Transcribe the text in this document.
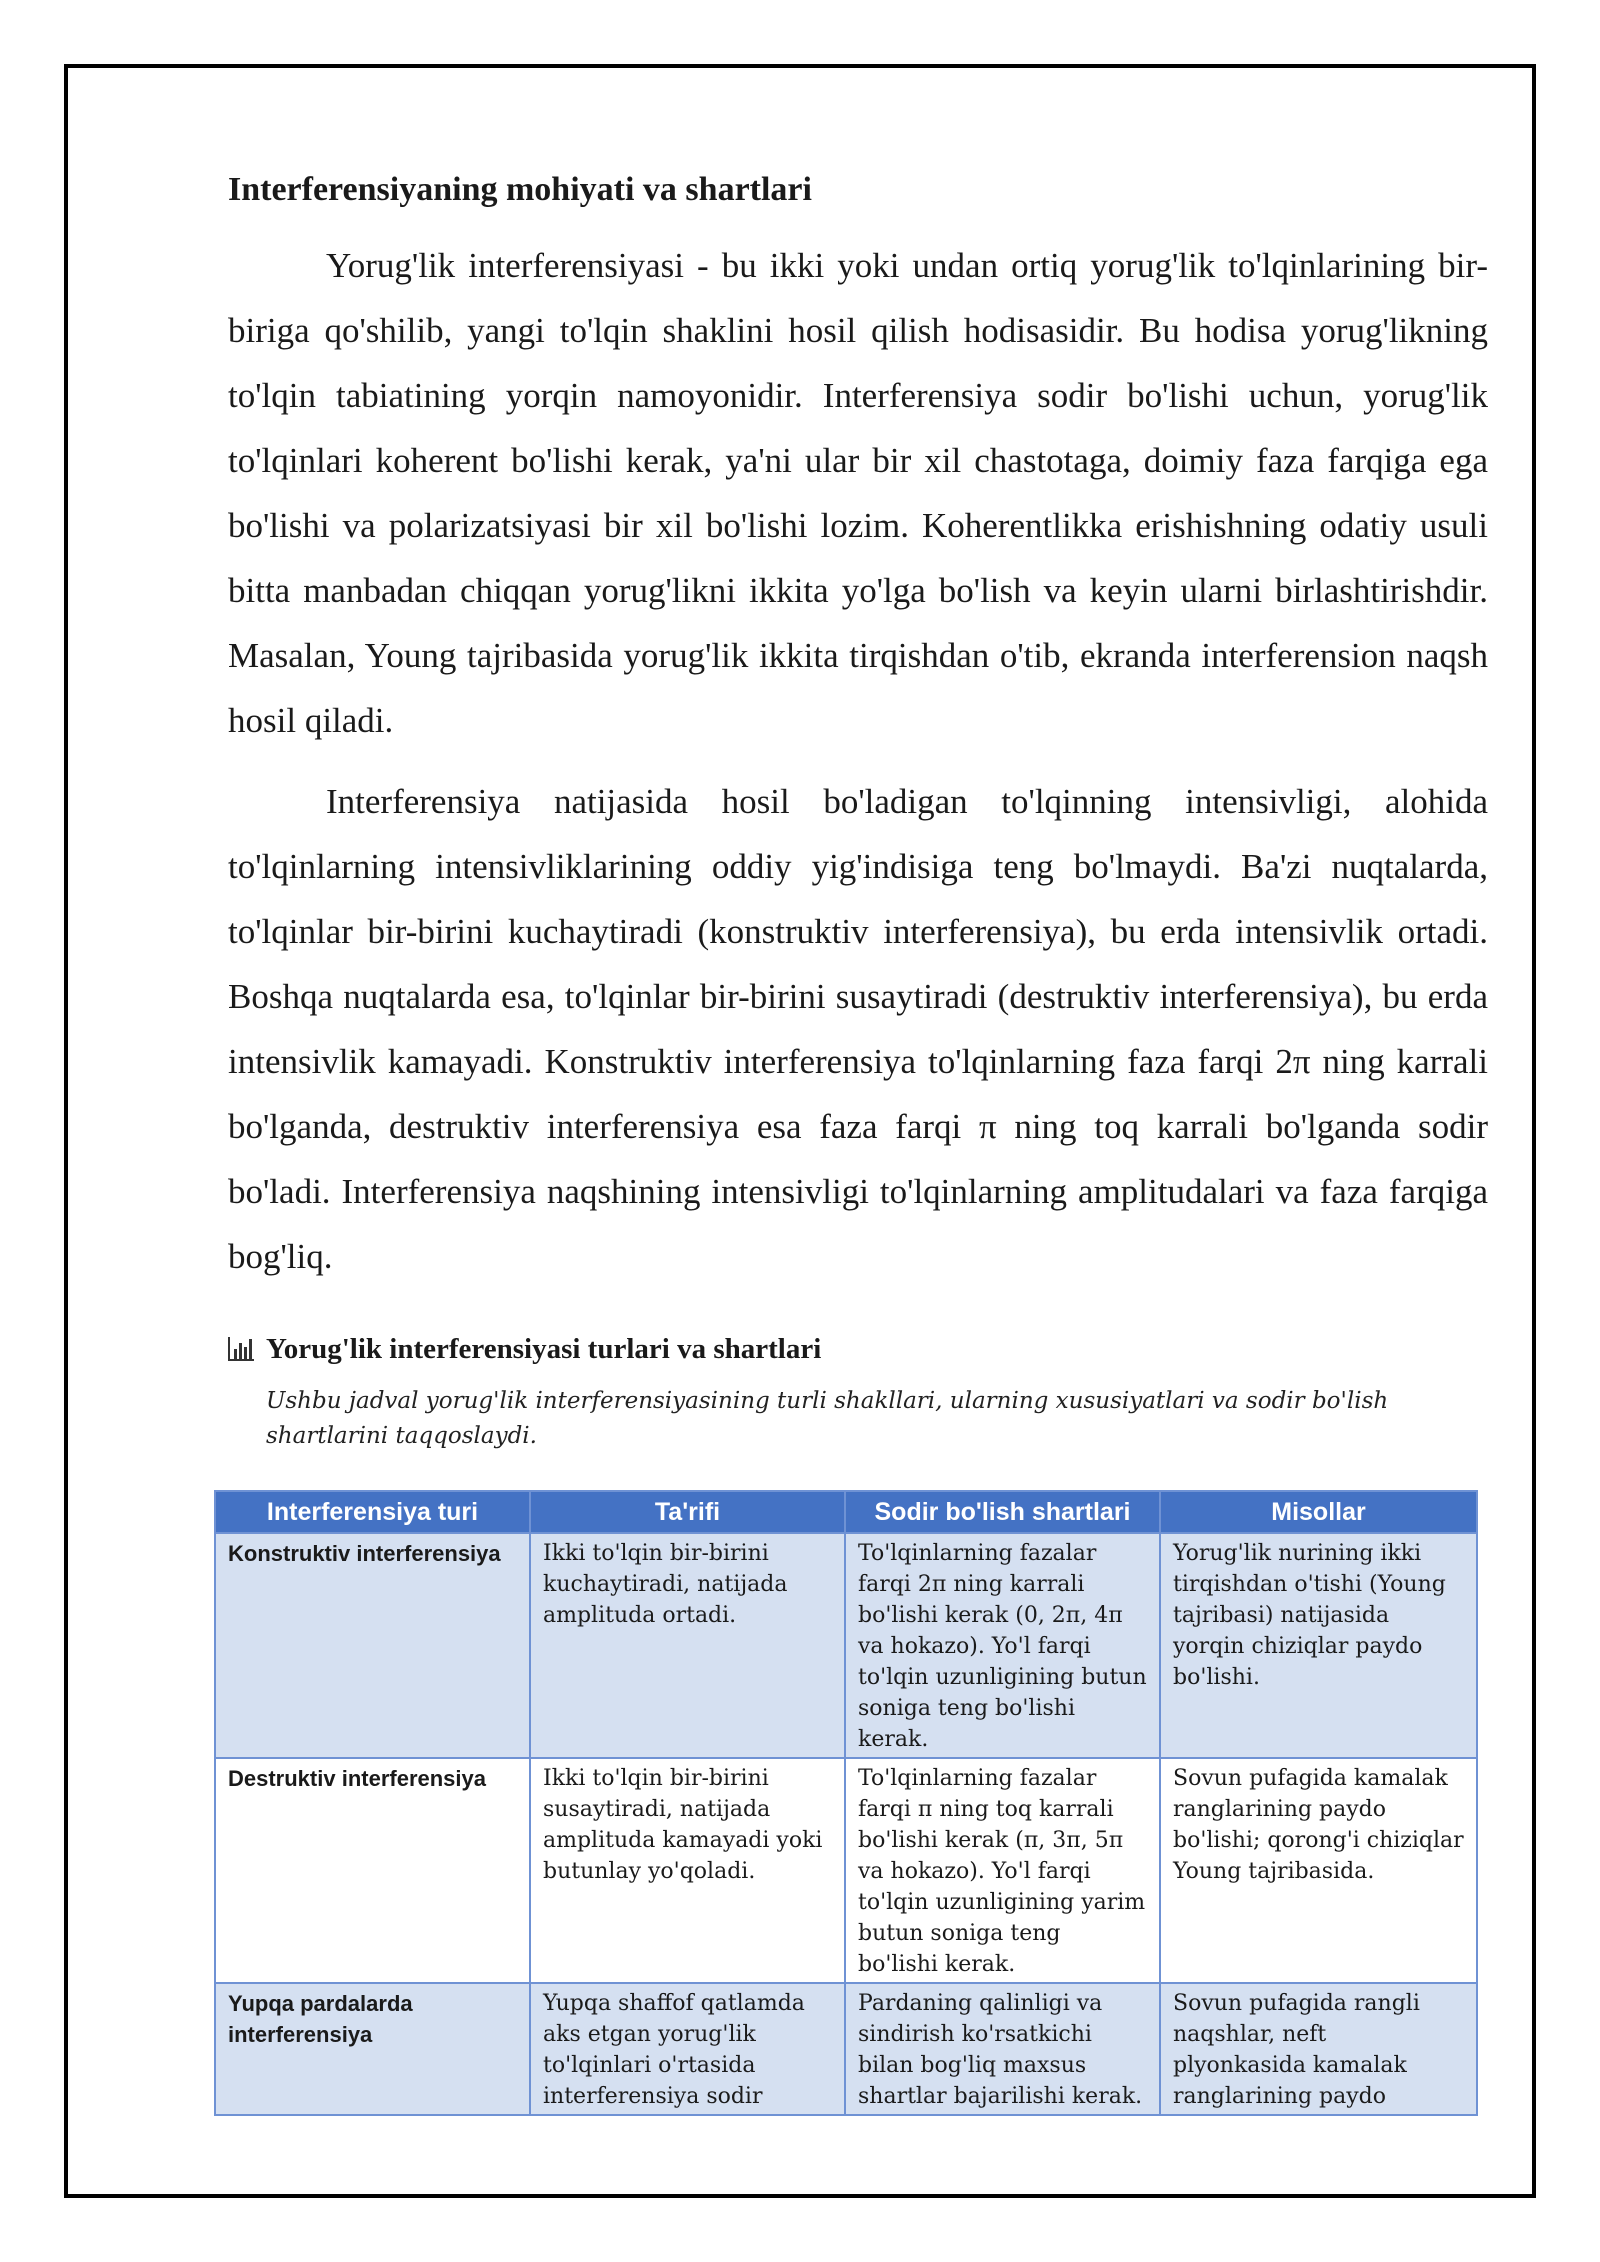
Interferensiyaning mohiyati va shartlari

Yorug'lik interferensiyasi - bu ikki yoki undan ortiq yorug'lik to'lqinlarining bir-biriga qo'shilib, yangi to'lqin shaklini hosil qilish hodisasidir. Bu hodisa yorug'likning to'lqin tabiatining yorqin namoyonidir. Interferensiya sodir bo'lishi uchun, yorug'lik to'lqinlari koherent bo'lishi kerak, ya'ni ular bir xil chastotaga, doimiy faza farqiga ega bo'lishi va polarizatsiyasi bir xil bo'lishi lozim. Koherentlikka erishishning odatiy usuli bitta manbadan chiqqan yorug'likni ikkita yo'lga bo'lish va keyin ularni birlashtirishdir. Masalan, Young tajribasida yorug'lik ikkita tirqishdan o'tib, ekranda interferension naqsh hosil qiladi.

Interferensiya natijasida hosil bo'ladigan to'lqinning intensivligi, alohida to'lqinlarning intensivliklarining oddiy yig'indisiga teng bo'lmaydi. Ba'zi nuqtalarda, to'lqinlar bir-birini kuchaytiradi (konstruktiv interferensiya), bu erda intensivlik ortadi. Boshqa nuqtalarda esa, to'lqinlar bir-birini susaytiradi (destruktiv interferensiya), bu erda intensivlik kamayadi. Konstruktiv interferensiya to'lqinlarning faza farqi 2π ning karrali bo'lganda, destruktiv interferensiya esa faza farqi π ning toq karrali bo'lganda sodir bo'ladi. Interferensiya naqshining intensivligi to'lqinlarning amplitudalari va faza farqiga bog'liq.

Yorug'lik interferensiyasi turlari va shartlari
Ushbu jadval yorug'lik interferensiyasining turli shakllari, ularning xususiyatlari va sodir bo'lish shartlarini taqqoslaydi.
Interferensiya turi	Ta'rifi	Sodir bo'lish shartlari	Misollar
Konstruktiv interferensiya	Ikki to'lqin bir-birini kuchaytiradi, natijada amplituda ortadi.	To'lqinlarning fazalar farqi 2π ning karrali bo'lishi kerak (0, 2π, 4π va hokazo). Yo'l farqi to'lqin uzunligining butun soniga teng bo'lishi kerak.	Yorug'lik nurining ikki tirqishdan o'tishi (Young tajribasi) natijasida yorqin chiziqlar paydo bo'lishi.
Destruktiv interferensiya	Ikki to'lqin bir-birini susaytiradi, natijada amplituda kamayadi yoki butunlay yo'qoladi.	To'lqinlarning fazalar farqi π ning toq karrali bo'lishi kerak (π, 3π, 5π va hokazo). Yo'l farqi to'lqin uzunligining yarim butun soniga teng bo'lishi kerak.	Sovun pufagida kamalak ranglarining paydo bo'lishi; qorong'i chiziqlar Young tajribasida.
Yupqa pardalarda interferensiya	Yupqa shaffof qatlamda aks etgan yorug'lik to'lqinlari o'rtasida interferensiya sodir	Pardaning qalinligi va sindirish ko'rsatkichi bilan bog'liq maxsus shartlar bajarilishi kerak.	Sovun pufagida rangli naqshlar, neft plyonkasida kamalak ranglarining paydo
